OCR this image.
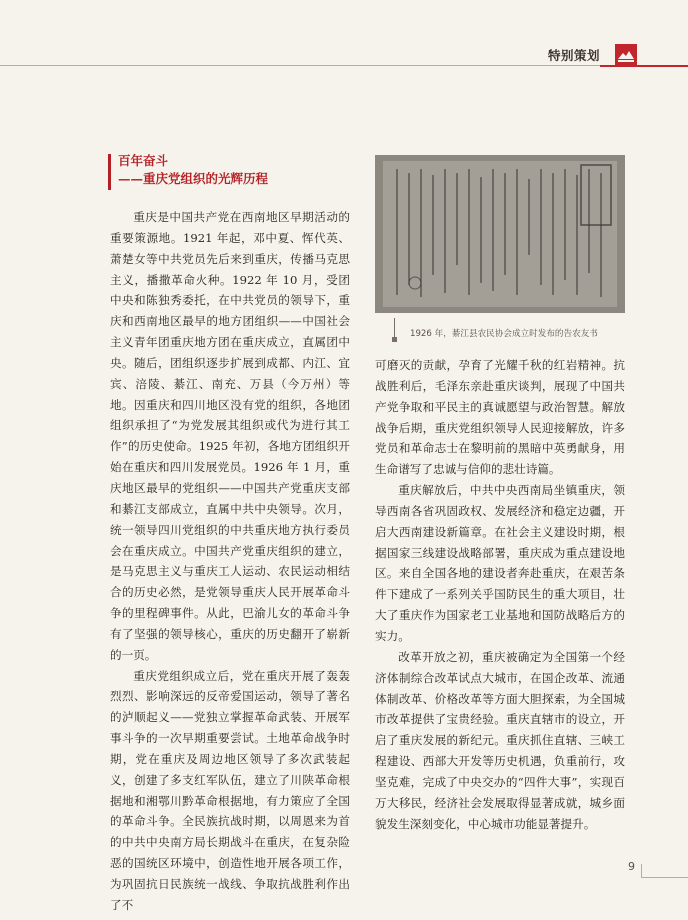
特别策划
百年奋斗
——重庆党组织的光辉历程

重庆是中国共产党在西南地区早期活动的重要策源地。1921 年起，邓中夏、恽代英、萧楚女等中共党员先后来到重庆，传播马克思主义，播撒革命火种。1922 年 10 月，受团中央和陈独秀委托，在中共党员的领导下，重庆和西南地区最早的地方团组织——中国社会主义青年团重庆地方团在重庆成立，直属团中央。随后，团组织逐步扩展到成都、内江、宜宾、涪陵、綦江、南充、万县（今万州）等地。因重庆和四川地区没有党的组织，各地团组织承担了“为党发展其组织或代为进行其工作”的历史使命。1925 年初，各地方团组织开始在重庆和四川发展党员。1926 年 1 月，重庆地区最早的党组织——中国共产党重庆支部和綦江支部成立，直属中共中央领导。次月，统一领导四川党组织的中共重庆地方执行委员会在重庆成立。中国共产党重庆组织的建立，是马克思主义与重庆工人运动、农民运动相结合的历史必然，是党领导重庆人民开展革命斗争的里程碑事件。从此，巴渝儿女的革命斗争有了坚强的领导核心，重庆的历史翻开了崭新的一页。

重庆党组织成立后，党在重庆开展了轰轰烈烈、影响深远的反帝爱国运动，领导了著名的泸顺起义——党独立掌握革命武装、开展军事斗争的一次早期重要尝试。土地革命战争时期，党在重庆及周边地区领导了多次武装起义，创建了多支红军队伍，建立了川陕革命根据地和湘鄂川黔革命根据地，有力策应了全国的革命斗争。全民族抗战时期，以周恩来为首的中共中央南方局长期战斗在重庆，在复杂险恶的国统区环境中，创造性地开展各项工作，为巩固抗日民族统一战线、争取抗战胜利作出了不

1926 年，綦江县农民协会成立时发布的告农友书

可磨灭的贡献，孕育了光耀千秋的红岩精神。抗战胜利后，毛泽东亲赴重庆谈判，展现了中国共产党争取和平民主的真诚愿望与政治智慧。解放战争后期，重庆党组织领导人民迎接解放，许多党员和革命志士在黎明前的黑暗中英勇献身，用生命谱写了忠诚与信仰的悲壮诗篇。

重庆解放后，中共中央西南局坐镇重庆，领导西南各省巩固政权、发展经济和稳定边疆，开启大西南建设新篇章。在社会主义建设时期，根据国家三线建设战略部署，重庆成为重点建设地区。来自全国各地的建设者奔赴重庆，在艰苦条件下建成了一系列关乎国防民生的重大项目，壮大了重庆作为国家老工业基地和国防战略后方的实力。

改革开放之初，重庆被确定为全国第一个经济体制综合改革试点大城市，在国企改革、流通体制改革、价格改革等方面大胆探索，为全国城市改革提供了宝贵经验。重庆直辖市的设立，开启了重庆发展的新纪元。重庆抓住直辖、三峡工程建设、西部大开发等历史机遇，负重前行，攻坚克难，完成了中央交办的“四件大事”，实现百万大移民，经济社会发展取得显著成就，城乡面貌发生深刻变化，中心城市功能显著提升。

9
